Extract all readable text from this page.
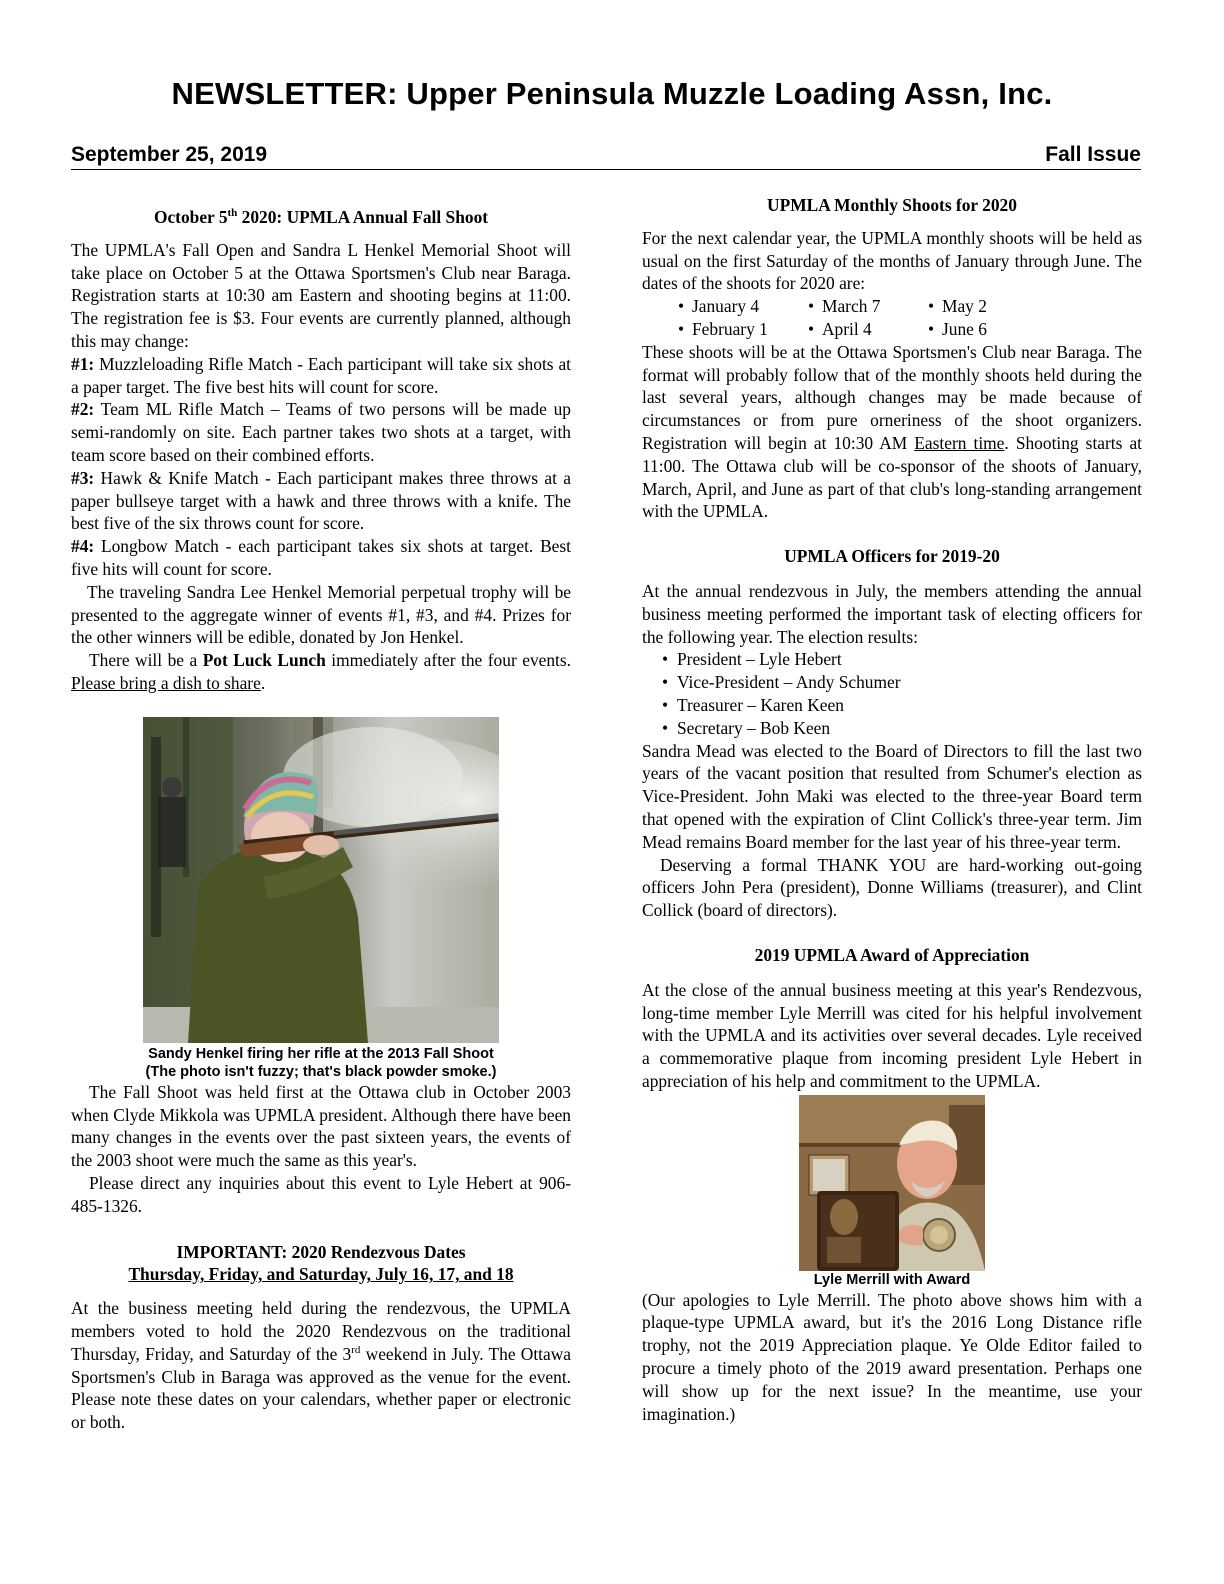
NEWSLETTER: Upper Peninsula Muzzle Loading Assn, Inc.
September 25, 2019	Fall Issue

October 5th 2020: UPMLA Annual Fall Shoot

The UPMLA's Fall Open and Sandra L Henkel Memorial Shoot will take place on October 5 at the Ottawa Sportsmen's Club near Baraga. Registration starts at 10:30 am Eastern and shooting begins at 11:00. The registration fee is $3. Four events are currently planned, although this may change:

#1: Muzzleloading Rifle Match - Each participant will take six shots at a paper target. The five best hits will count for score.

#2: Team ML Rifle Match – Teams of two persons will be made up semi-randomly on site. Each partner takes two shots at a target, with team score based on their combined efforts.

#3: Hawk & Knife Match - Each participant makes three throws at a paper bullseye target with a hawk and three throws with a knife. The best five of the six throws count for score.

#4: Longbow Match - each participant takes six shots at target. Best five hits will count for score.

The traveling Sandra Lee Henkel Memorial perpetual trophy will be presented to the aggregate winner of events #1, #3, and #4. Prizes for the other winners will be edible, donated by Jon Henkel.

There will be a Pot Luck Lunch immediately after the four events. Please bring a dish to share.

Sandy Henkel firing her rifle at the 2013 Fall Shoot
(The photo isn't fuzzy; that's black powder smoke.)

The Fall Shoot was held first at the Ottawa club in October 2003 when Clyde Mikkola was UPMLA president. Although there have been many changes in the events over the past sixteen years, the events of the 2003 shoot were much the same as this year's.

Please direct any inquiries about this event to Lyle Hebert at 906-485-1326.

IMPORTANT: 2020 Rendezvous Dates

Thursday, Friday, and Saturday, July 16, 17, and 18

At the business meeting held during the rendezvous, the UPMLA members voted to hold the 2020 Rendezvous on the traditional Thursday, Friday, and Saturday of the 3rd weekend in July. The Ottawa Sportsmen's Club in Baraga was approved as the venue for the event. Please note these dates on your calendars, whether paper or electronic or both.

UPMLA Monthly Shoots for 2020

For the next calendar year, the UPMLA monthly shoots will be held as usual on the first Saturday of the months of January through June. The dates of the shoots for 2020 are:

• January 4	• March 7	• May 2
• February 1	• April 4	• June 6

These shoots will be at the Ottawa Sportsmen's Club near Baraga. The format will probably follow that of the monthly shoots held during the last several years, although changes may be made because of circumstances or from pure orneriness of the shoot organizers. Registration will begin at 10:30 AM Eastern time. Shooting starts at 11:00. The Ottawa club will be co-sponsor of the shoots of January, March, April, and June as part of that club's long-standing arrangement with the UPMLA.

UPMLA Officers for 2019-20

At the annual rendezvous in July, the members attending the annual business meeting performed the important task of electing officers for the following year. The election results:

• President – Lyle Hebert
• Vice-President – Andy Schumer
• Treasurer – Karen Keen
• Secretary – Bob Keen

Sandra Mead was elected to the Board of Directors to fill the last two years of the vacant position that resulted from Schumer's election as Vice-President. John Maki was elected to the three-year Board term that opened with the expiration of Clint Collick's three-year term. Jim Mead remains Board member for the last year of his three-year term.

Deserving a formal THANK YOU are hard-working out-going officers John Pera (president), Donne Williams (treasurer), and Clint Collick (board of directors).

2019 UPMLA Award of Appreciation

At the close of the annual business meeting at this year's Rendezvous, long-time member Lyle Merrill was cited for his helpful involvement with the UPMLA and its activities over several decades. Lyle received a commemorative plaque from incoming president Lyle Hebert in appreciation of his help and commitment to the UPMLA.

Lyle Merrill with Award

(Our apologies to Lyle Merrill. The photo above shows him with a plaque-type UPMLA award, but it's the 2016 Long Distance rifle trophy, not the 2019 Appreciation plaque. Ye Olde Editor failed to procure a timely photo of the 2019 award presentation. Perhaps one will show up for the next issue? In the meantime, use your imagination.)
